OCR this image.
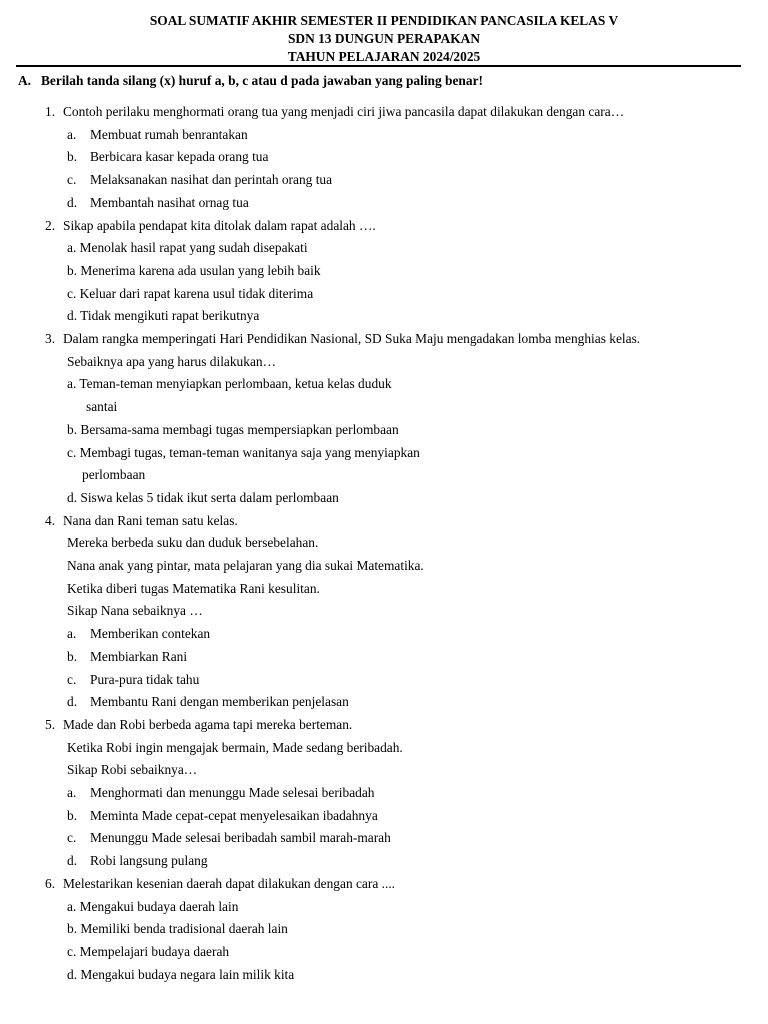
SOAL SUMATIF AKHIR SEMESTER II PENDIDIKAN PANCASILA KELAS V
SDN 13 DUNGUN PERAPAKAN
TAHUN PELAJARAN 2024/2025
A. Berilah tanda silang (x) huruf a, b, c atau d pada jawaban yang paling benar!
1. Contoh perilaku menghormati orang tua yang menjadi ciri jiwa pancasila dapat dilakukan dengan cara…
a. Membuat rumah benrantakan
b. Berbicara kasar kepada orang tua
c. Melaksanakan nasihat dan perintah orang tua
d. Membantah nasihat ornag tua
2. Sikap apabila pendapat kita ditolak dalam rapat adalah ….
a. Menolak hasil rapat yang sudah disepakati
b. Menerima karena ada usulan yang lebih baik
c. Keluar dari rapat karena usul tidak diterima
d. Tidak mengikuti rapat berikutnya
3. Dalam rangka memperingati Hari Pendidikan Nasional, SD Suka Maju mengadakan lomba menghias kelas.
Sebaiknya apa yang harus dilakukan…
a. Teman-teman menyiapkan perlombaan, ketua kelas duduk
santai
b. Bersama-sama membagi tugas mempersiapkan perlombaan
c. Membagi tugas, teman-teman wanitanya saja yang menyiapkan
perlombaan
d. Siswa kelas 5 tidak ikut serta dalam perlombaan
4. Nana dan Rani teman satu kelas.
Mereka berbeda suku dan duduk bersebelahan.
Nana anak yang pintar, mata pelajaran yang dia sukai Matematika.
Ketika diberi tugas Matematika Rani kesulitan.
Sikap Nana sebaiknya …
a. Memberikan contekan
b. Membiarkan Rani
c. Pura-pura tidak tahu
d. Membantu Rani dengan memberikan penjelasan
5. Made dan Robi berbeda agama tapi mereka berteman.
Ketika Robi ingin mengajak bermain, Made sedang beribadah.
Sikap Robi sebaiknya…
a. Menghormati dan menunggu Made selesai beribadah
b. Meminta Made cepat-cepat menyelesaikan ibadahnya
c. Menunggu Made selesai beribadah sambil marah-marah
d. Robi langsung pulang
6. Melestarikan kesenian daerah dapat dilakukan dengan cara ....
a. Mengakui budaya daerah lain
b. Memiliki benda tradisional daerah lain
c. Mempelajari budaya daerah
d. Mengakui budaya negara lain milik kita
